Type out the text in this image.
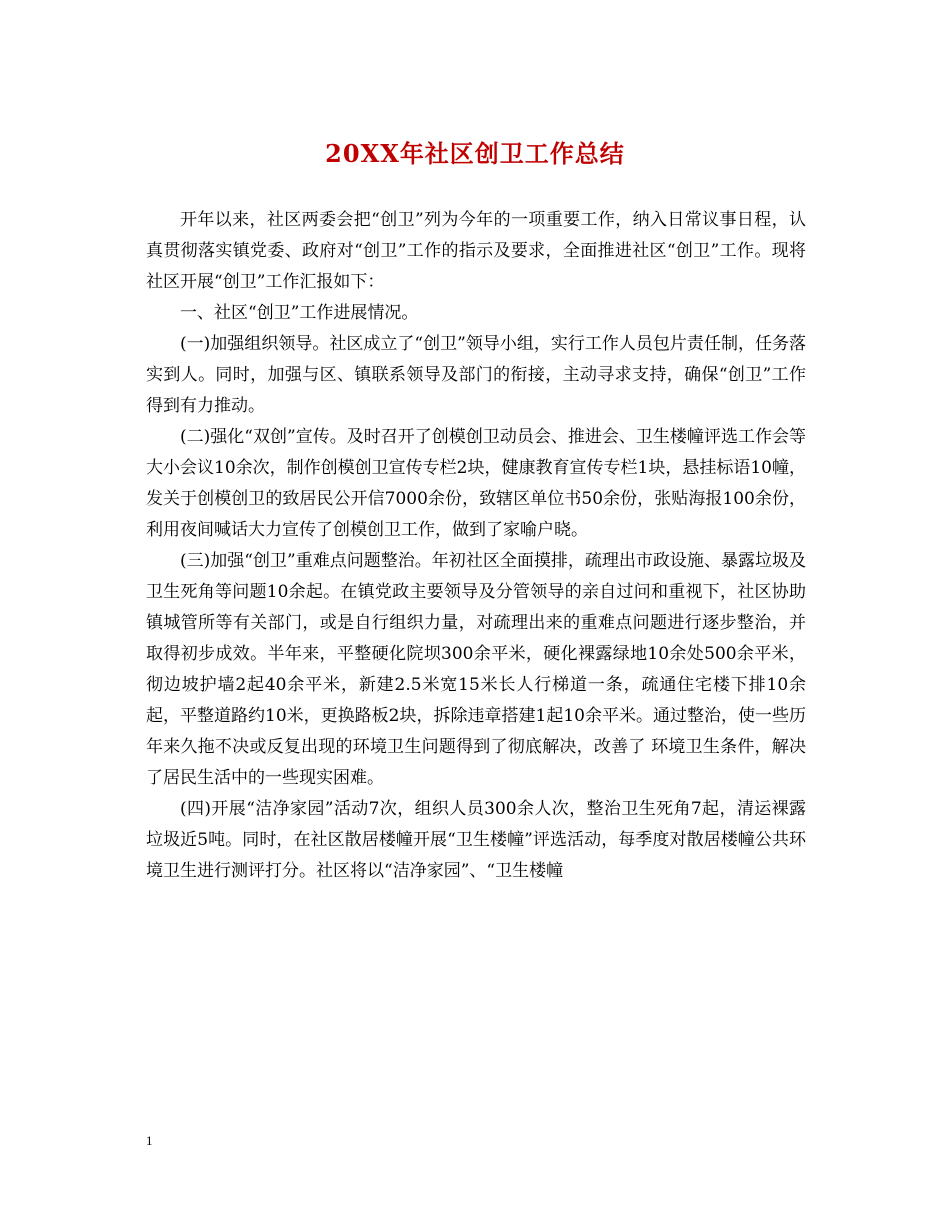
20XX年社区创卫工作总结

开年以来，社区两委会把“创卫”列为今年的一项重要工作，纳入日常议事日程，认真贯彻落实镇党委、政府对“创卫”工作的指示及要求，全面推进社区“创卫”工作。现将社区开展“创卫”工作汇报如下：

一、社区“创卫”工作进展情况。

(一)加强组织领导。社区成立了“创卫”领导小组，实行工作人员包片责任制，任务落实到人。同时，加强与区、镇联系领导及部门的衔接，主动寻求支持，确保“创卫”工作得到有力推动。

(二)强化“双创”宣传。及时召开了创模创卫动员会、推进会、卫生楼幢评选工作会等大小会议10余次，制作创模创卫宣传专栏2块，健康教育宣传专栏1块，悬挂标语10幢，发关于创模创卫的致居民公开信7000余份，致辖区单位书50余份，张贴海报100余份，利用夜间喊话大力宣传了创模创卫工作，做到了家喻户晓。

(三)加强“创卫”重难点问题整治。年初社区全面摸排，疏理出市政设施、暴露垃圾及卫生死角等问题10余起。在镇党政主要领导及分管领导的亲自过问和重视下，社区协助镇城管所等有关部门，或是自行组织力量，对疏理出来的重难点问题进行逐步整治，并取得初步成效。半年来，平整硬化院坝300余平米，硬化裸露绿地10余处500余平米，彻边坡护墙2起40余平米，新建2.5米宽15米长人行梯道一条，疏通住宅楼下排10余起，平整道路约10米，更换路板2块，拆除违章搭建1起10余平米。通过整治，使一些历年来久拖不决或反复出现的环境卫生问题得到了彻底解决，改善了 环境卫生条件，解决了居民生活中的一些现实困难。

(四)开展“洁净家园”活动7次，组织人员300余人次，整治卫生死角7起，清运裸露垃圾近5吨。同时，在社区散居楼幢开展“卫生楼幢”评选活动，每季度对散居楼幢公共环境卫生进行测评打分。社区将以“洁净家园”、“卫生楼幢

1
